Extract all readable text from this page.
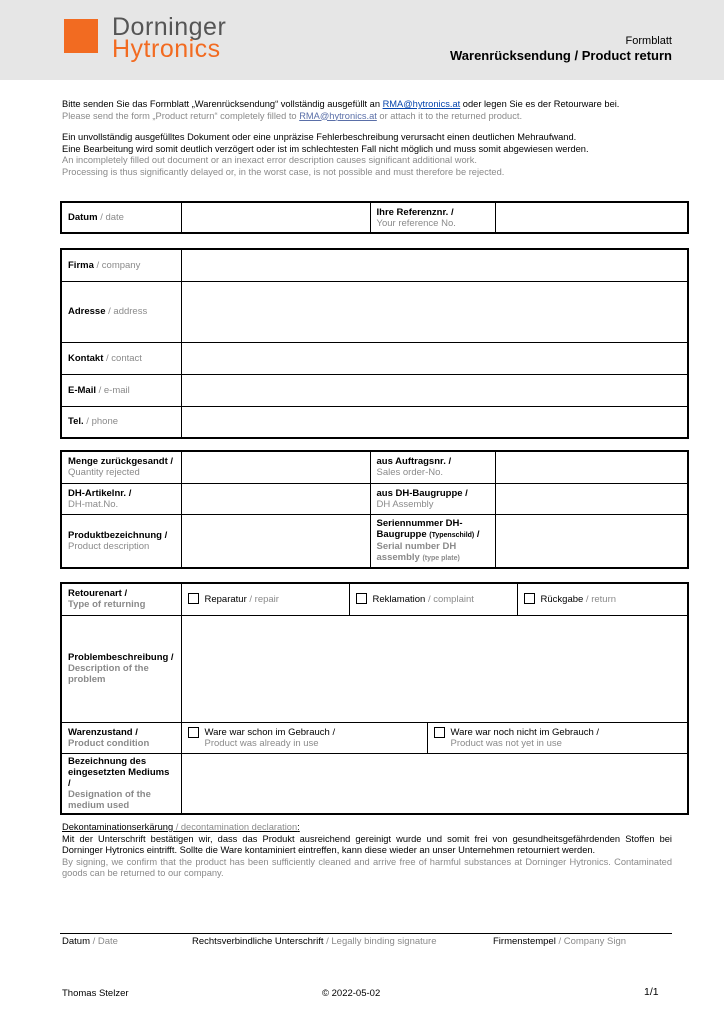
Dorninger
Hytronics	Formblatt
Warenrücksendung / Product return

Bitte senden Sie das Formblatt „Warenrücksendung“ vollständig ausgefüllt an RMA@hytronics.at oder legen Sie es der Retourware bei.

Please send the form „Product return“ completely filled to RMA@hytronics.at or attach it to the returned product.

Ein unvollständig ausgefülltes Dokument oder eine unpräzise Fehlerbeschreibung verursacht einen deutlichen Mehraufwand.

Eine Bearbeitung wird somit deutlich verzögert oder ist im schlechtesten Fall nicht möglich und muss somit abgewiesen werden.

An incompletely filled out document or an inexact error description causes significant additional work.

Processing is thus significantly delayed or, in the worst case, is not possible and must therefore be rejected.

Datum / date		Ihre Referenznr. /
Your reference No.	
Firma / company	
Adresse / address	
Kontakt / contact	
E-Mail / e-mail	
Tel. / phone	
Menge zurückgesandt /
Quantity rejected		aus Auftragsnr. /
Sales order-No.	
DH-Artikelnr. /
DH-mat.No.		aus DH-Baugruppe /
DH Assembly	
Produktbezeichnung /
Product description		Seriennummer DH-
Baugruppe (Typenschild) /
Serial number DH
assembly (type plate)	
Retourenart /
Type of returning	Reparatur / repair	Reklamation / complaint		Rückgabe / return
Problembeschreibung /
Description of the
problem				
Warenzustand /
Product condition	Ware war schon im Gebrauch /
Product was already in use		Ware war noch nicht im Gebrauch /
Product was not yet in use	

Bezeichnung des
eingesetzten Mediums /
Designation of the
medium used				

Dekontaminationserkärung / decontamination declaration:

Mit der Unterschrift bestätigen wir, dass das Produkt ausreichend gereinigt wurde und somit frei von gesundheitsgefährdenden Stoffen bei Dorninger Hytronics eintrifft. Sollte die Ware kontaminiert eintreffen, kann diese wieder an unser Unternehmen retourniert werden.

By signing, we confirm that the product has been sufficiently cleaned and arrive free of harmful substances at Dorninger Hytronics. Contaminated goods can be returned to our company.

Datum / Date	Rechtsverbindliche Unterschrift / Legally binding signature	Firmenstempel / Company Sign
Thomas Stelzer	© 2022-05-02	1/1
